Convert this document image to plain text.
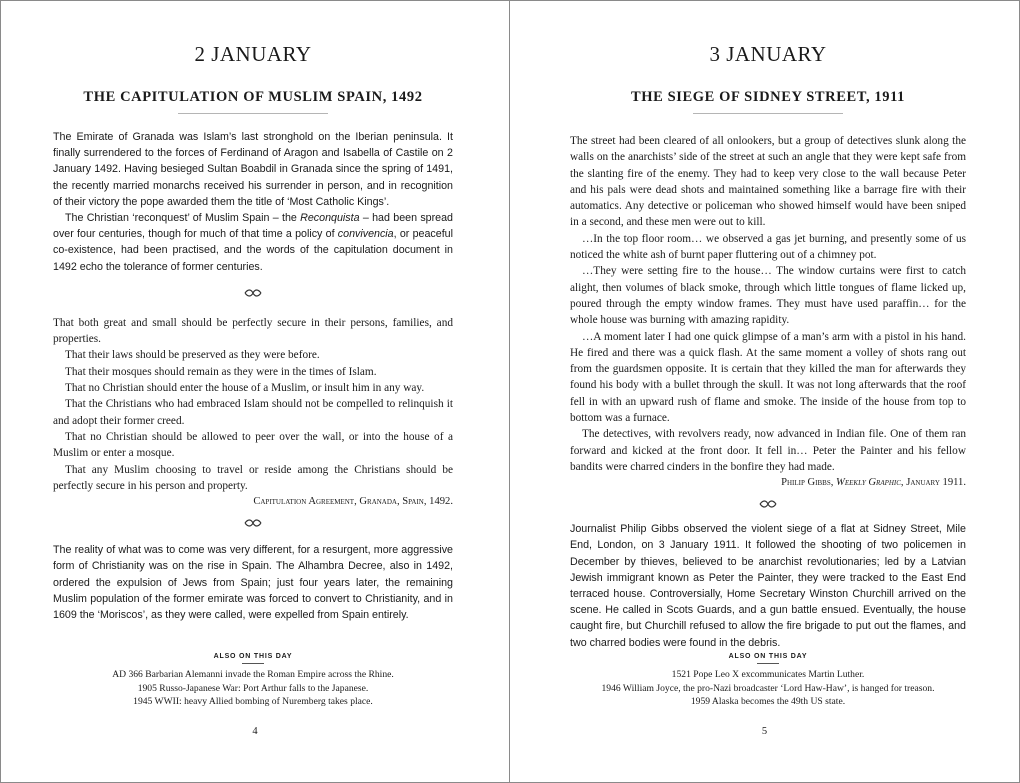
2 JANUARY
THE CAPITULATION OF MUSLIM SPAIN, 1492

The Emirate of Granada was Islam’s last stronghold on the Iberian peninsula. It finally surrendered to the forces of Ferdinand of Aragon and Isabella of Castile on 2 January 1492. Having besieged Sultan Boabdil in Granada since the spring of 1491, the recently married monarchs received his surrender in person, and in recognition of their victory the pope awarded them the title of ‘Most Catholic Kings’.

The Christian ‘reconquest’ of Muslim Spain – the Reconquista – had been spread over four centuries, though for much of that time a policy of convivencia, or peaceful co-existence, had been practised, and the words of the capitulation document in 1492 echo the tolerance of former centuries.

That both great and small should be perfectly secure in their persons, families, and properties.

That their laws should be preserved as they were before.

That their mosques should remain as they were in the times of Islam.

That no Christian should enter the house of a Muslim, or insult him in any way.

That the Christians who had embraced Islam should not be compelled to relinquish it and adopt their former creed.

That no Christian should be allowed to peer over the wall, or into the house of a Muslim or enter a mosque.

That any Muslim choosing to travel or reside among the Christians should be perfectly secure in his person and property.

Capitulation Agreement, Granada, Spain, 1492.

The reality of what was to come was very different, for a resurgent, more aggressive form of Christianity was on the rise in Spain. The Alhambra Decree, also in 1492, ordered the expulsion of Jews from Spain; just four years later, the remaining Muslim population of the former emirate was forced to convert to Christianity, and in 1609 the ‘Moriscos’, as they were called, were expelled from Spain entirely.

ALSO ON THIS DAY
AD 366 Barbarian Alemanni invade the Roman Empire across the Rhine.
1905 Russo-Japanese War: Port Arthur falls to the Japanese.
1945 WWII: heavy Allied bombing of Nuremberg takes place.
4
3 JANUARY
THE SIEGE OF SIDNEY STREET, 1911

The street had been cleared of all onlookers, but a group of detectives slunk along the walls on the anarchists’ side of the street at such an angle that they were kept safe from the slanting fire of the enemy. They had to keep very close to the wall because Peter and his pals were dead shots and maintained something like a barrage fire with their automatics. Any detective or policeman who showed himself would have been sniped in a second, and these men were out to kill.

…In the top floor room… we observed a gas jet burning, and presently some of us noticed the white ash of burnt paper fluttering out of a chimney pot.

…They were setting fire to the house… The window curtains were first to catch alight, then volumes of black smoke, through which little tongues of flame licked up, poured through the empty window frames. They must have used paraffin… for the whole house was burning with amazing rapidity.

…A moment later I had one quick glimpse of a man’s arm with a pistol in his hand. He fired and there was a quick flash. At the same moment a volley of shots rang out from the guardsmen opposite. It is certain that they killed the man for afterwards they found his body with a bullet through the skull. It was not long afterwards that the roof fell in with an upward rush of flame and smoke. The inside of the house from top to bottom was a furnace.

The detectives, with revolvers ready, now advanced in Indian file. One of them ran forward and kicked at the front door. It fell in… Peter the Painter and his fellow bandits were charred cinders in the bonfire they had made.

Philip Gibbs, Weekly Graphic, January 1911.

Journalist Philip Gibbs observed the violent siege of a flat at Sidney Street, Mile End, London, on 3 January 1911. It followed the shooting of two policemen in December by thieves, believed to be anarchist revolutionaries; led by a Latvian Jewish immigrant known as Peter the Painter, they were tracked to the East End terraced house. Controversially, Home Secretary Winston Churchill arrived on the scene. He called in Scots Guards, and a gun battle ensued. Eventually, the house caught fire, but Churchill refused to allow the fire brigade to put out the flames, and two charred bodies were found in the debris.

ALSO ON THIS DAY
1521 Pope Leo X excommunicates Martin Luther.
1946 William Joyce, the pro-Nazi broadcaster ‘Lord Haw-Haw’, is hanged for treason.
1959 Alaska becomes the 49th US state.
5
